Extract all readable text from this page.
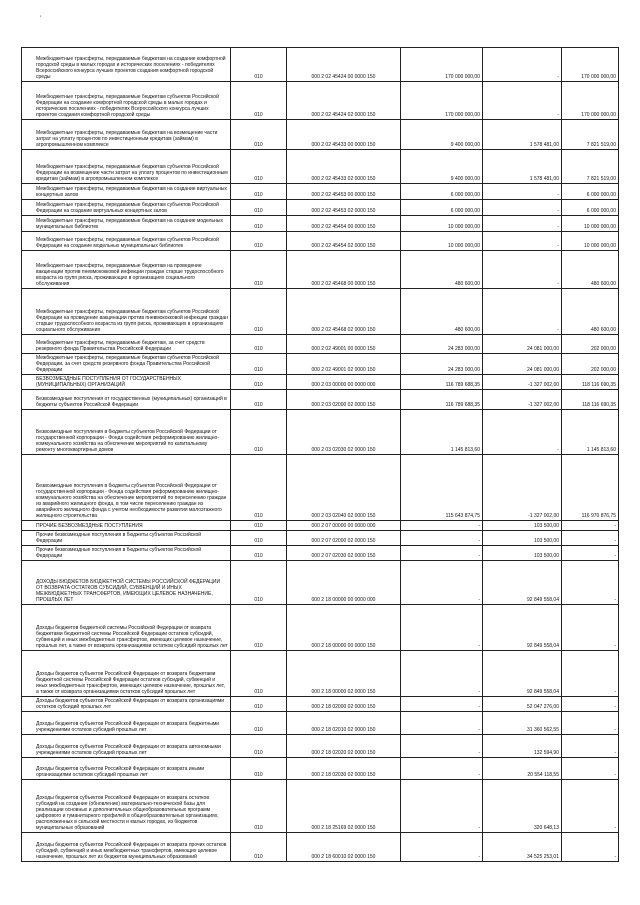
'
Межбюджетные трансферты, передаваемые бюджетам на создание комфортной городской среды в малых городах и исторических поселениях - победителях Всероссийского конкурса лучших проектов создания комфортной городской среды	010	000 2 02 45424 00 0000 150	170 000 000,00	-	170 000 000,00
Межбюджетные трансферты, передаваемые бюджетам субъектов Российской Федерации на создание комфортной городской среды в малых городах и исторических поселениях - победителях Всероссийского конкурса лучших проектов создания комфортной городской среды	010	000 2 02 45424 02 0000 150	170 000 000,00	-	170 000 000,00
Межбюджетные трансферты, передаваемые бюджетам на возмещение части затрат на уплату процентов по инвестиционным кредитам (займам) в агропромышленном комплексе	010	000 2 02 45433 00 0000 150	9 400 000,00	1 578 481,00	7 821 519,00
Межбюджетные трансферты, передаваемые бюджетам субъектов Российской Федерации на возмещение части затрат на уплату процентов по инвестиционным кредитам (займам) в агропромышленном комплексе	010	000 2 02 45433 02 0000 150	9 400 000,00	1 578 481,00	7 821 519,00
Межбюджетные трансферты, передаваемые бюджетам на создание виртуальных концертных залов	010	000 2 02 45453 00 0000 150	6 000 000,00	-	6 000 000,00
Межбюджетные трансферты, передаваемые бюджетам субъектов Российской Федерации на создание виртуальных концертных залов	010	000 2 02 45453 02 0000 150	6 000 000,00	-	6 000 000,00
Межбюджетные трансферты, передаваемые бюджетам на создание модельных муниципальных библиотек	010	000 2 02 45454 00 0000 150	10 000 000,00	-	10 000 000,00
Межбюджетные трансферты, передаваемые бюджетам субъектов Российской Федерации на создание модельных муниципальных библиотек	010	000 2 02 45454 02 0000 150	10 000 000,00	-	10 000 000,00
Межбюджетные трансферты, передаваемые бюджетам на проведение вакцинации против пневмококковой инфекции граждан старше трудоспособного возраста из групп риска, проживающих в организациях социального обслуживания	010	000 2 02 45468 00 0000 150	480 600,00	-	480 600,00
Межбюджетные трансферты, передаваемые бюджетам субъектов Российской Федерации на проведение вакцинации против пневмококковой инфекции граждан старше трудоспособного возраста из групп риска, проживающих в организациях социального обслуживания	010	000 2 02 45468 02 0000 150	480 600,00	-	480 600,00
Межбюджетные трансферты, передаваемые бюджетам, за счет средств резервного фонда Правительства Российской Федерации	010	000 2 02 49001 00 0000 150	24 283 000,00	24 081 000,00	202 000,00
Межбюджетные трансферты, передаваемые бюджетам субъектов Российской Федерации, за счет средств резервного фонда Правительства Российской Федерации	010	000 2 02 49001 02 0000 150	24 283 000,00	24 081 000,00	202 000,00
БЕЗВОЗМЕЗДНЫЕ ПОСТУПЛЕНИЯ ОТ ГОСУДАРСТВЕННЫХ (МУНИЦИПАЛЬНЫХ) ОРГАНИЗАЦИЙ	010	000 2 03 00000 00 0000 000	116 789 688,35	-1 327 002,00	118 116 690,35
Безвозмездные поступления от государственных (муниципальных) организаций в бюджеты субъектов Российской Федерации	010	000 2 03 02000 02 0000 150	116 789 688,35	-1 327 002,00	118 116 690,35
Безвозмездные поступления в бюджеты субъектов Российской Федерации от государственной корпорации - Фонда содействия реформированию жилищно-коммунального хозяйства на обеспечение мероприятий по капитальному ремонту многоквартирных домов	010	000 2 03 02030 02 0000 150	1 145 813,60	-	1 145 813,60
Безвозмездные поступления в бюджеты субъектов Российской Федерации от государственной корпорации - Фонда содействия реформированию жилищно-коммунального хозяйства на обеспечение мероприятий по переселению граждан из аварийного жилищного фонда, в том числе переселению граждан из аварийного жилищного фонда с учетом необходимости развития малоэтажного жилищного строительства	010	000 2 03 02040 02 0000 150	115 643 874,75	-1 327 002,00	116 970 876,75
ПРОЧИЕ БЕЗВОЗМЕЗДНЫЕ ПОСТУПЛЕНИЯ	010	000 2 07 00000 00 0000 000	-	103 500,00	-
Прочие безвозмездные поступления в бюджеты субъектов Российской Федерации	010	000 2 07 02000 02 0000 150	-	103 500,00	-
Прочие безвозмездные поступления в бюджеты субъектов Российской Федерации	010	000 2 07 02030 02 0000 150	-	103 500,00	-
ДОХОДЫ БЮДЖЕТОВ БЮДЖЕТНОЙ СИСТЕМЫ РОССИЙСКОЙ ФЕДЕРАЦИИ ОТ ВОЗВРАТА ОСТАТКОВ СУБСИДИЙ, СУБВЕНЦИЙ И ИНЫХ МЕЖБЮДЖЕТНЫХ ТРАНСФЕРТОВ, ИМЕЮЩИХ ЦЕЛЕВОЕ НАЗНАЧЕНИЕ, ПРОШЛЫХ ЛЕТ	010	000 2 18 00000 00 0000 000	-	92 849 558,04	-
Доходы бюджетов бюджетной системы Российской Федерации от возврата бюджетами бюджетной системы Российской Федерации остатков субсидий, субвенций и иных межбюджетных трансфертов, имеющих целевое назначение, прошлых лет, а также от возврата организациями остатков субсидий прошлых лет	010	000 2 18 00000 00 0000 150	-	92 849 558,04	-
Доходы бюджетов субъектов Российской Федерации от возврата бюджетами бюджетной системы Российской Федерации остатков субсидий, субвенций и иных межбюджетных трансфертов, имеющих целевое назначение, прошлых лет, а также от возврата организациями остатков субсидий прошлых лет	010	000 2 18 00000 02 0000 150	-	92 849 558,04	-
Доходы бюджетов субъектов Российской Федерации от возврата организациями остатков субсидий прошлых лет	010	000 2 18 02000 02 0000 150	-	52 047 276,00	-
Доходы бюджетов субъектов Российской Федерации от возврата бюджетными учреждениями остатков субсидий прошлых лет	010	000 2 18 02010 02 0000 150	-	31 360 562,55	-
Доходы бюджетов субъектов Российской Федерации от возврата автономными учреждениями остатков субсидий прошлых лет	010	000 2 18 02020 02 0000 150	-	132 594,90	-
Доходы бюджетов субъектов Российской Федерации от возврата иными организациями остатков субсидий прошлых лет	010	000 2 18 02030 02 0000 150	-	20 554 118,55	-
Доходы бюджетов субъектов Российской Федерации от возврата остатков субсидий на создание (обновление) материально-технической базы для реализации основных и дополнительных общеобразовательных программ цифрового и гуманитарного профилей в общеобразовательных организациях, расположенных в сельской местности и малых городах, из бюджетов муниципальных образований	010	000 2 18 25169 02 0000 150	-	320 648,13	-
Доходы бюджетов субъектов Российской Федерации от возврата прочих остатков субсидий, субвенций и иных межбюджетных трансфертов, имеющих целевое назначение, прошлых лет из бюджетов муниципальных образований	010	000 2 18 60010 02 0000 150	-	34 525 253,01	-
